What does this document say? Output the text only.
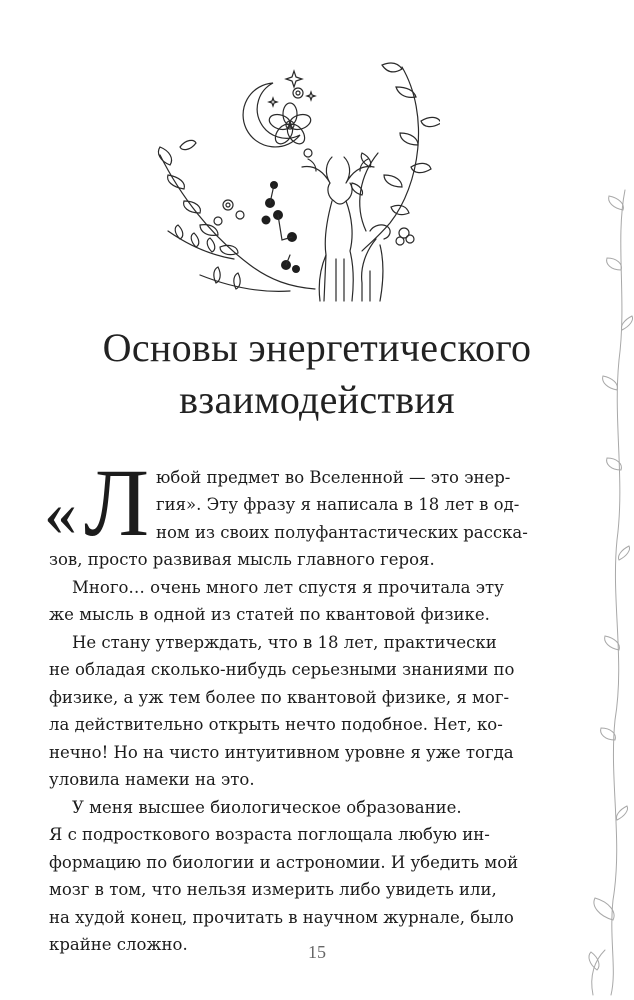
Основы энергетического
взаимодействия
« Л юбой предмет во Вселенной — это энер-
гия». Эту фразу я написала в 18 лет в од-
ном из своих полуфантастических расска-
зов, просто развивая мысль главного героя.
Много… очень много лет спустя я прочитала эту
же мысль в одной из статей по квантовой физике.
Не стану утверждать, что в 18 лет, практически
не обладая сколько-нибудь серьезными знаниями по
физике, а уж тем более по квантовой физике, я мог-
ла действительно открыть нечто подобное. Нет, ко-
нечно! Но на чисто интуитивном уровне я уже тогда
уловила намеки на это.
У меня высшее биологическое образование.
Я с подросткового возраста поглощала любую ин-
формацию по биологии и астрономии. И убедить мой
мозг в том, что нельзя измерить либо увидеть или,
на худой конец, прочитать в научном журнале, было
крайне сложно.	15
